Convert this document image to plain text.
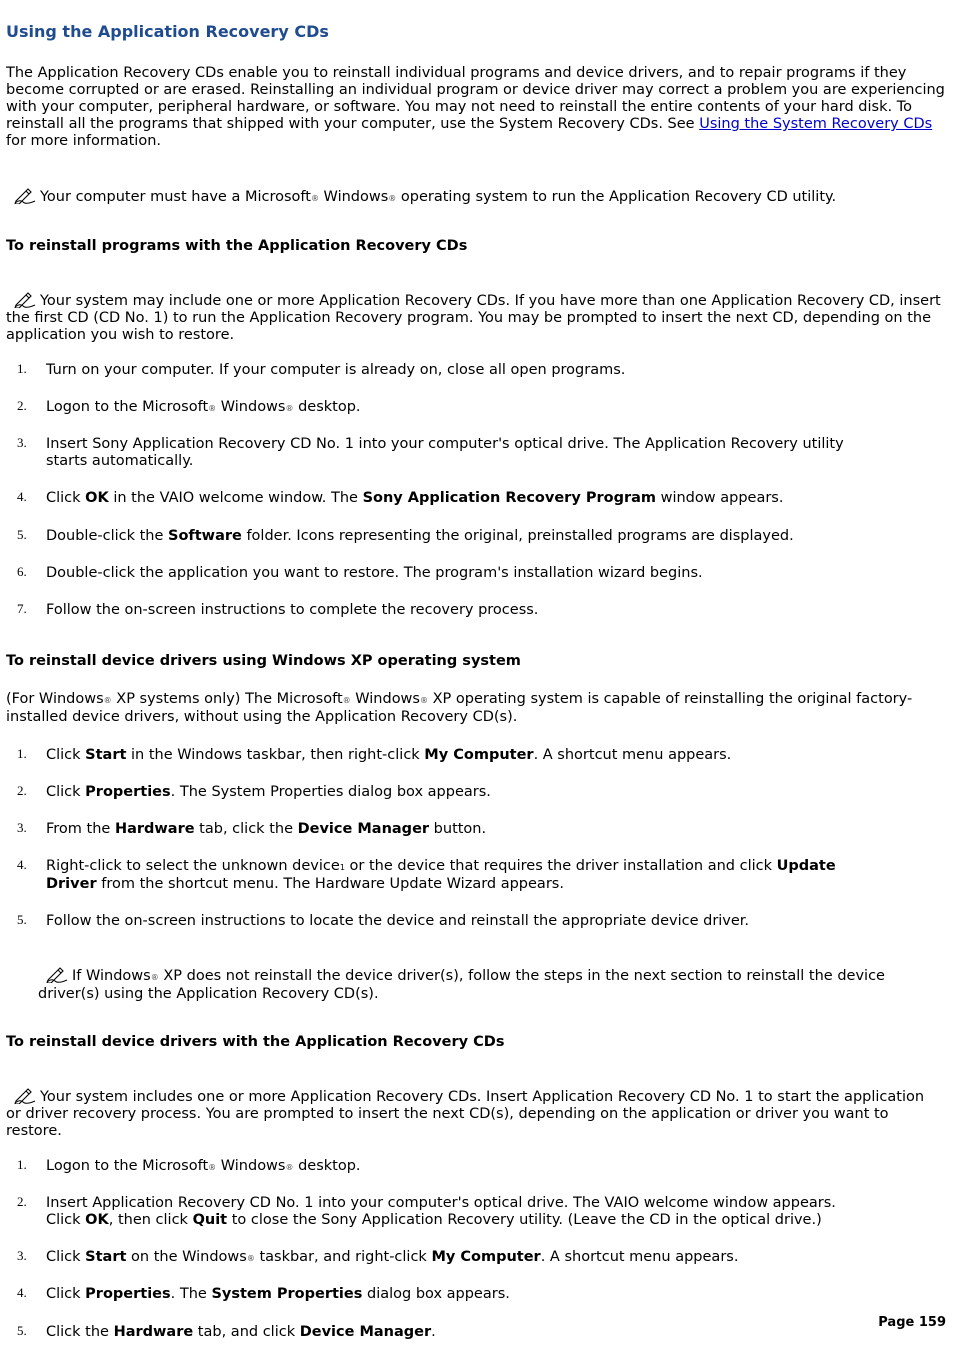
Using the Application Recovery CDs

The Application Recovery CDs enable you to reinstall individual programs and device drivers, and to repair programs if they become corrupted or are erased. Reinstalling an individual program or device driver may correct a problem you are experiencing with your computer, peripheral hardware, or software. You may not need to reinstall the entire contents of your hard disk. To reinstall all the programs that shipped with your computer, use the System Recovery CDs. See Using the System Recovery CDs for more information.

Your computer must have a Microsoft® Windows® operating system to run the Application Recovery CD utility.

To reinstall programs with the Application Recovery CDs

Your system may include one or more Application Recovery CDs. If you have more than one Application Recovery CD, insert the first CD (CD No. 1) to run the Application Recovery program. You may be prompted to insert the next CD, depending on the application you wish to restore.

1. Turn on your computer. If your computer is already on, close all open programs.
2. Logon to the Microsoft® Windows® desktop.
3. Insert Sony Application Recovery CD No. 1 into your computer's optical drive. The Application Recovery utility starts automatically.
4. Click OK in the VAIO welcome window. The Sony Application Recovery Program window appears.
5. Double-click the Software folder. Icons representing the original, preinstalled programs are displayed.
6. Double-click the application you want to restore. The program's installation wizard begins.
7. Follow the on-screen instructions to complete the recovery process.
To reinstall device drivers using Windows XP operating system

(For Windows® XP systems only) The Microsoft® Windows® XP operating system is capable of reinstalling the original factory-installed device drivers, without using the Application Recovery CD(s).

1. Click Start in the Windows taskbar, then right-click My Computer. A shortcut menu appears.
2. Click Properties. The System Properties dialog box appears.
3. From the Hardware tab, click the Device Manager button.
4. Right-click to select the unknown device1 or the device that requires the driver installation and click Update Driver from the shortcut menu. The Hardware Update Wizard appears.
5. Follow the on-screen instructions to locate the device and reinstall the appropriate device driver.

If Windows® XP does not reinstall the device driver(s), follow the steps in the next section to reinstall the device driver(s) using the Application Recovery CD(s).

To reinstall device drivers with the Application Recovery CDs

Your system includes one or more Application Recovery CDs. Insert Application Recovery CD No. 1 to start the application or driver recovery process. You are prompted to insert the next CD(s), depending on the application or driver you want to restore.

1. Logon to the Microsoft® Windows® desktop.
2. Insert Application Recovery CD No. 1 into your computer's optical drive. The VAIO welcome window appears.
Click OK, then click Quit to close the Sony Application Recovery utility. (Leave the CD in the optical drive.)
3. Click Start on the Windows® taskbar, and right-click My Computer. A shortcut menu appears.
4. Click Properties. The System Properties dialog box appears.
5. Click the Hardware tab, and click Device Manager.
Page 159
